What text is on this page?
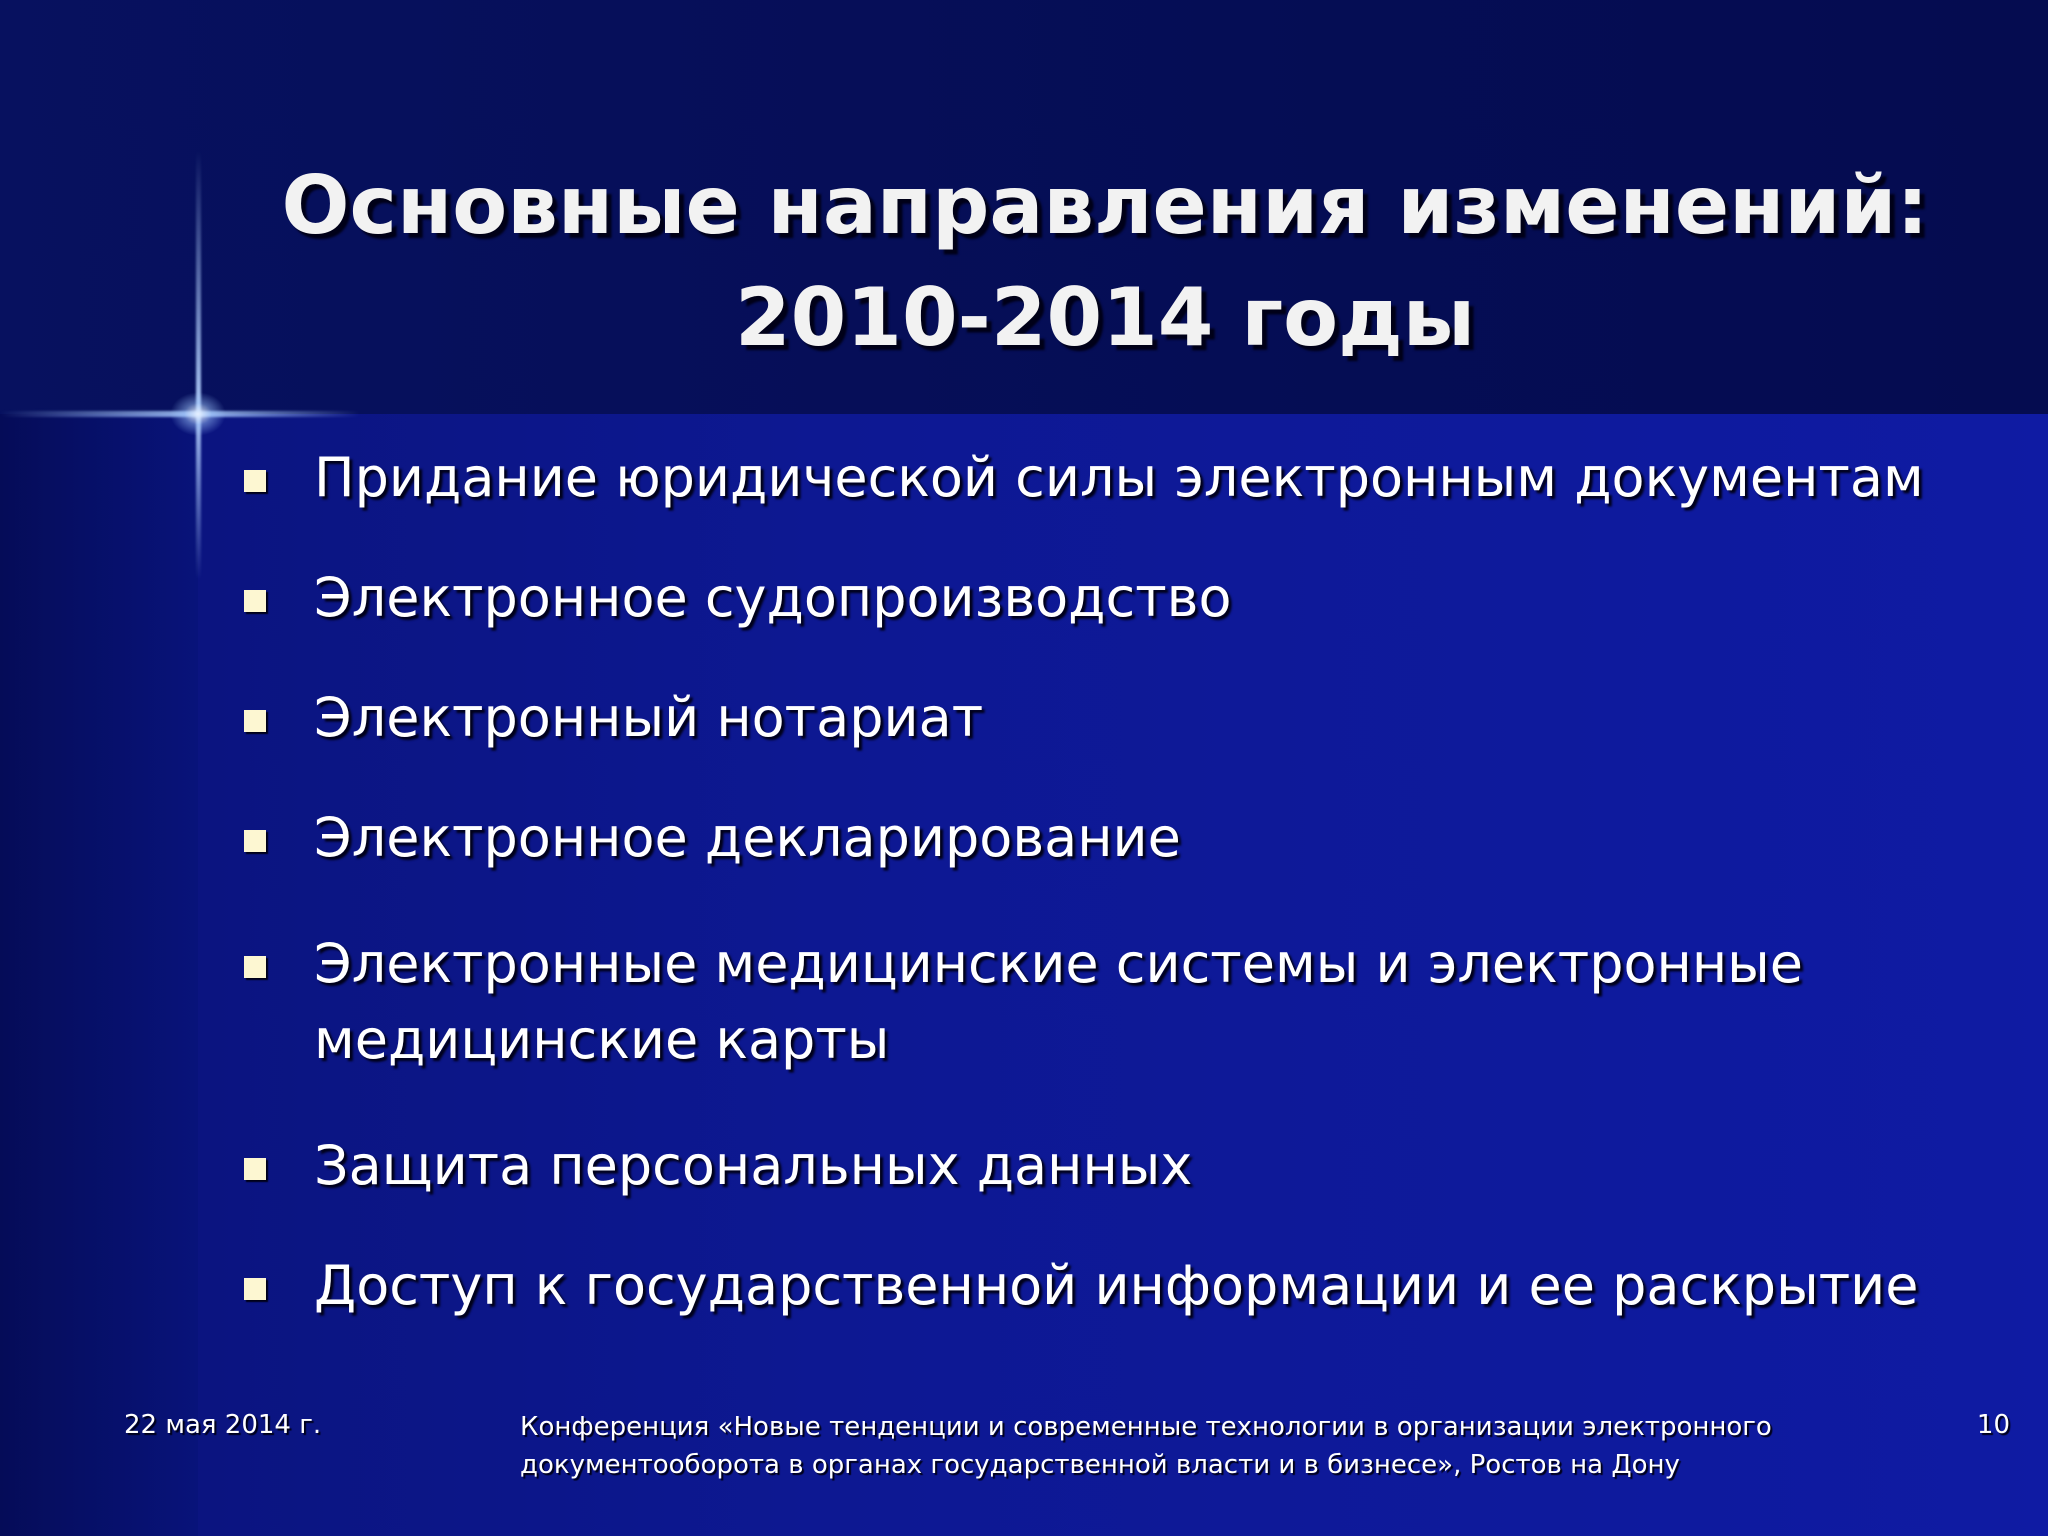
Основные направления изменений:
2010-2014 годы
Придание юридической силы электронным документам
Электронное судопроизводство
Электронный нотариат
Электронное декларирование
Электронные медицинские системы и электронные медицинские карты
Защита персональных данных
Доступ к государственной информации и ее раскрытие
22 мая 2014 г.	Конференция «Новые тенденции и современные технологии в организации электронного
документооборота в органах государственной власти и в бизнесе», Ростов на Дону
10
